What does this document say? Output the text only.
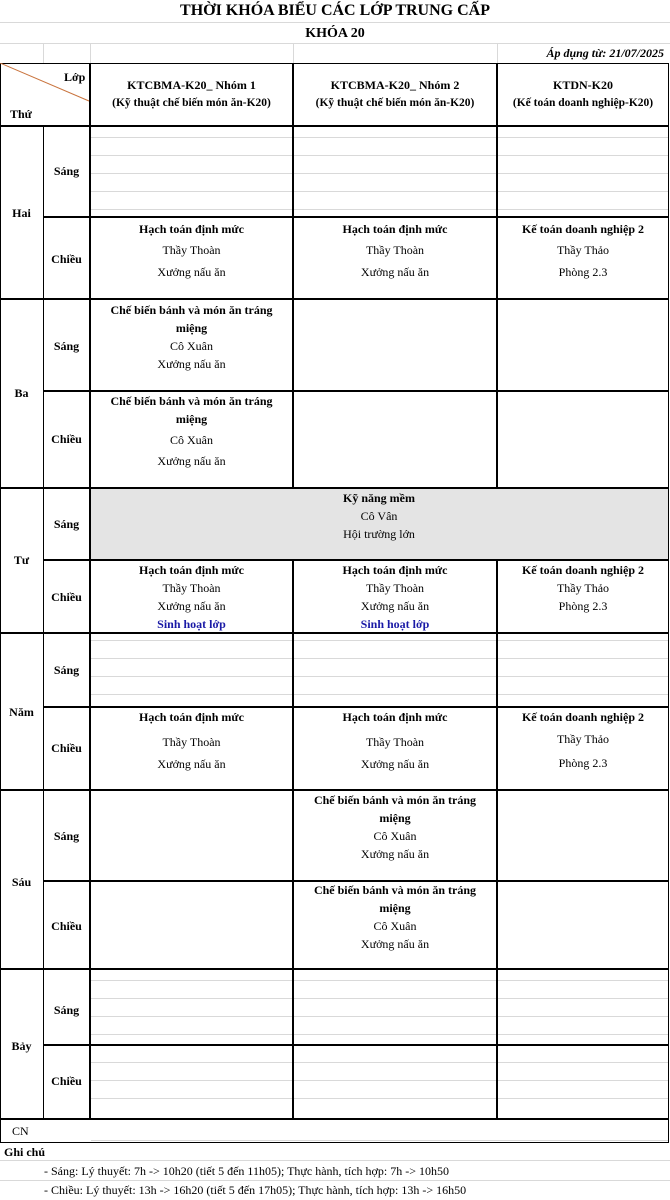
THỜI KHÓA BIỂU CÁC LỚP TRUNG CẤP
KHÓA 20
Áp dụng từ: 21/07/2025
Lớp
Thứ
KTCBMA-K20_ Nhóm 1
(Kỹ thuật chế biến món ăn-K20)
KTCBMA-K20_ Nhóm 2
(Kỹ thuật chế biến món ăn-K20)
KTDN-K20
(Kế toán doanh nghiệp-K20)
Hai
Ba
Tư
Năm
Sáu
Bảy
CN
Sáng
Chiều
Sáng
Chiều
Sáng
Chiều
Sáng
Chiều
Sáng
Chiều
Sáng
Chiều
Hạch toán định mức
Thầy Thoàn
Xưởng nấu ăn
Hạch toán định mức
Thầy Thoàn
Xưởng nấu ăn
Kế toán doanh nghiệp 2
Thầy Thảo
Phòng 2.3
Chế biến bánh và món ăn tráng
miệng
Cô Xuân
Xưởng nấu ăn
Chế biến bánh và món ăn tráng
miệng
Cô Xuân
Xưởng nấu ăn
Kỹ năng mềm
Cô Vân
Hội trường lớn
Hạch toán định mức
Thầy Thoàn
Xưởng nấu ăn
Sinh hoạt lớp
Hạch toán định mức
Thầy Thoàn
Xưởng nấu ăn
Sinh hoạt lớp
Kế toán doanh nghiệp 2
Thầy Thảo
Phòng 2.3
Hạch toán định mức
Thầy Thoàn
Xưởng nấu ăn
Hạch toán định mức
Thầy Thoàn
Xưởng nấu ăn
Kế toán doanh nghiệp 2
Thầy Thảo
Phòng 2.3
Chế biến bánh và món ăn tráng
miệng
Cô Xuân
Xưởng nấu ăn
Chế biến bánh và món ăn tráng
miệng
Cô Xuân
Xưởng nấu ăn
Ghi chú
- Sáng: Lý thuyết: 7h -> 10h20 (tiết 5 đến 11h05); Thực hành, tích hợp: 7h -> 10h50
- Chiều: Lý thuyết: 13h -> 16h20 (tiết 5 đến 17h05); Thực hành, tích hợp: 13h -> 16h50
